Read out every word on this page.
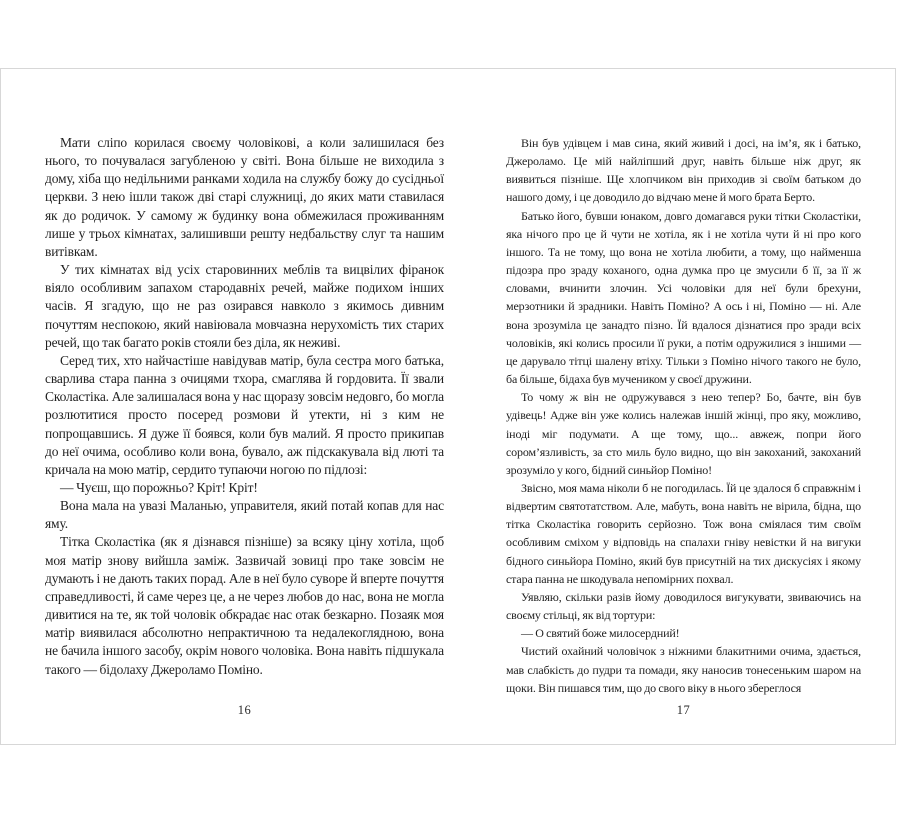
Мати сліпо корилася своєму чоловікові, а коли залишилася без нього, то почувалася загубленою у світі. Вона більше не виходила з дому, хіба що недільними ранками ходила на службу божу до сусідньої церкви. З нею ішли також дві старі служниці, до яких мати ставилася як до родичок. У самому ж будинку вона обмежилася проживанням лише у трьох кімнатах, залишивши решту недбальству слуг та нашим витівкам.

У тих кімнатах від усіх старовинних меблів та вицвілих фіранок віяло особливим запахом стародавніх речей, майже подихом інших часів. Я згадую, що не раз озирався навколо з якимось дивним почуттям неспокою, який навіювала мовчазна нерухомість тих старих речей, що так багато років стояли без діла, як неживі.

Серед тих, хто найчастіше навідував матір, була сестра мого батька, сварлива стара панна з очицями тхора, смаглява й гордовита. Її звали Сколастіка. Але залишалася вона у нас щоразу зовсім недовго, бо могла розлютитися просто посеред розмови й утекти, ні з ким не попрощавшись. Я дуже її боявся, коли був малий. Я просто прикипав до неї очима, особливо коли вона, бувало, аж підскакувала від люті та кричала на мою матір, сердито тупаючи ногою по підлозі:

— Чуєш, що порожньо? Кріт! Кріт!

Вона мала на увазі Маланью, управителя, який потай копав для нас яму.

Тітка Сколастіка (як я дізнався пізніше) за всяку ціну хотіла, щоб моя матір знову вийшла заміж. Зазвичай зовиці про таке зовсім не думають і не дають таких порад. Але в неї було суворе й вперте почуття справедливості, й саме через це, а не через любов до нас, вона не могла дивитися на те, як той чоловік обкрадає нас отак безкарно. Позаяк моя матір виявилася абсолютно непрактичною та недалекоглядною, вона не бачила іншого засобу, окрім нового чоловіка. Вона навіть підшукала такого — бідолаху Джероламо Поміно.

16

Він був удівцем і мав сина, який живий і досі, на ім’я, як і батько, Джероламо. Це мій найліпший друг, навіть більше ніж друг, як виявиться пізніше. Ще хлопчиком він приходив зі своїм батьком до нашого дому, і це доводило до відчаю мене й мого брата Берто.

Батько його, бувши юнаком, довго домагався руки тітки Сколастіки, яка нічого про це й чути не хотіла, як і не хотіла чути й ні про кого іншого. Та не тому, що вона не хотіла любити, а тому, що найменша підозра про зраду коханого, одна думка про це змусили б її, за її ж словами, вчинити злочин. Усі чоловіки для неї були брехуни, мерзотники й зрадники. Навіть Поміно? А ось і ні, Поміно — ні. Але вона зрозуміла це занадто пізно. Їй вдалося дізнатися про зради всіх чоловіків, які колись просили її руки, а потім одружилися з іншими — це дарувало тітці шалену втіху. Тільки з Поміно нічого такого не було, ба більше, бідаха був мучеником у своєї дружини.

То чому ж він не одружувався з нею тепер? Бо, бачте, він був удівець! Адже він уже колись належав іншій жінці, про яку, можливо, іноді міг подумати. А ще тому, що... авжеж, попри його сором’язливість, за сто миль було видно, що він закоханий, закоханий зрозуміло у кого, бідний синьйор Поміно!

Звісно, моя мама ніколи б не погодилась. Їй це здалося б справжнім і відвертим святотатством. Але, мабуть, вона навіть не вірила, бідна, що тітка Сколастіка говорить серйозно. Тож вона сміялася тим своїм особливим сміхом у відповідь на спалахи гніву невістки й на вигуки бідного синьйора Поміно, який був присутній на тих дискусіях і якому стара панна не шкодувала непомірних похвал.

Уявляю, скільки разів йому доводилося вигукувати, звиваючись на своєму стільці, як від тортури:

— О святий боже милосердний!

Чистий охайний чоловічок з ніжними блакитними очима, здається, мав слабкість до пудри та помади, яку наносив тонесеньким шаром на щоки. Він пишався тим, що до свого віку в нього збереглося

17
